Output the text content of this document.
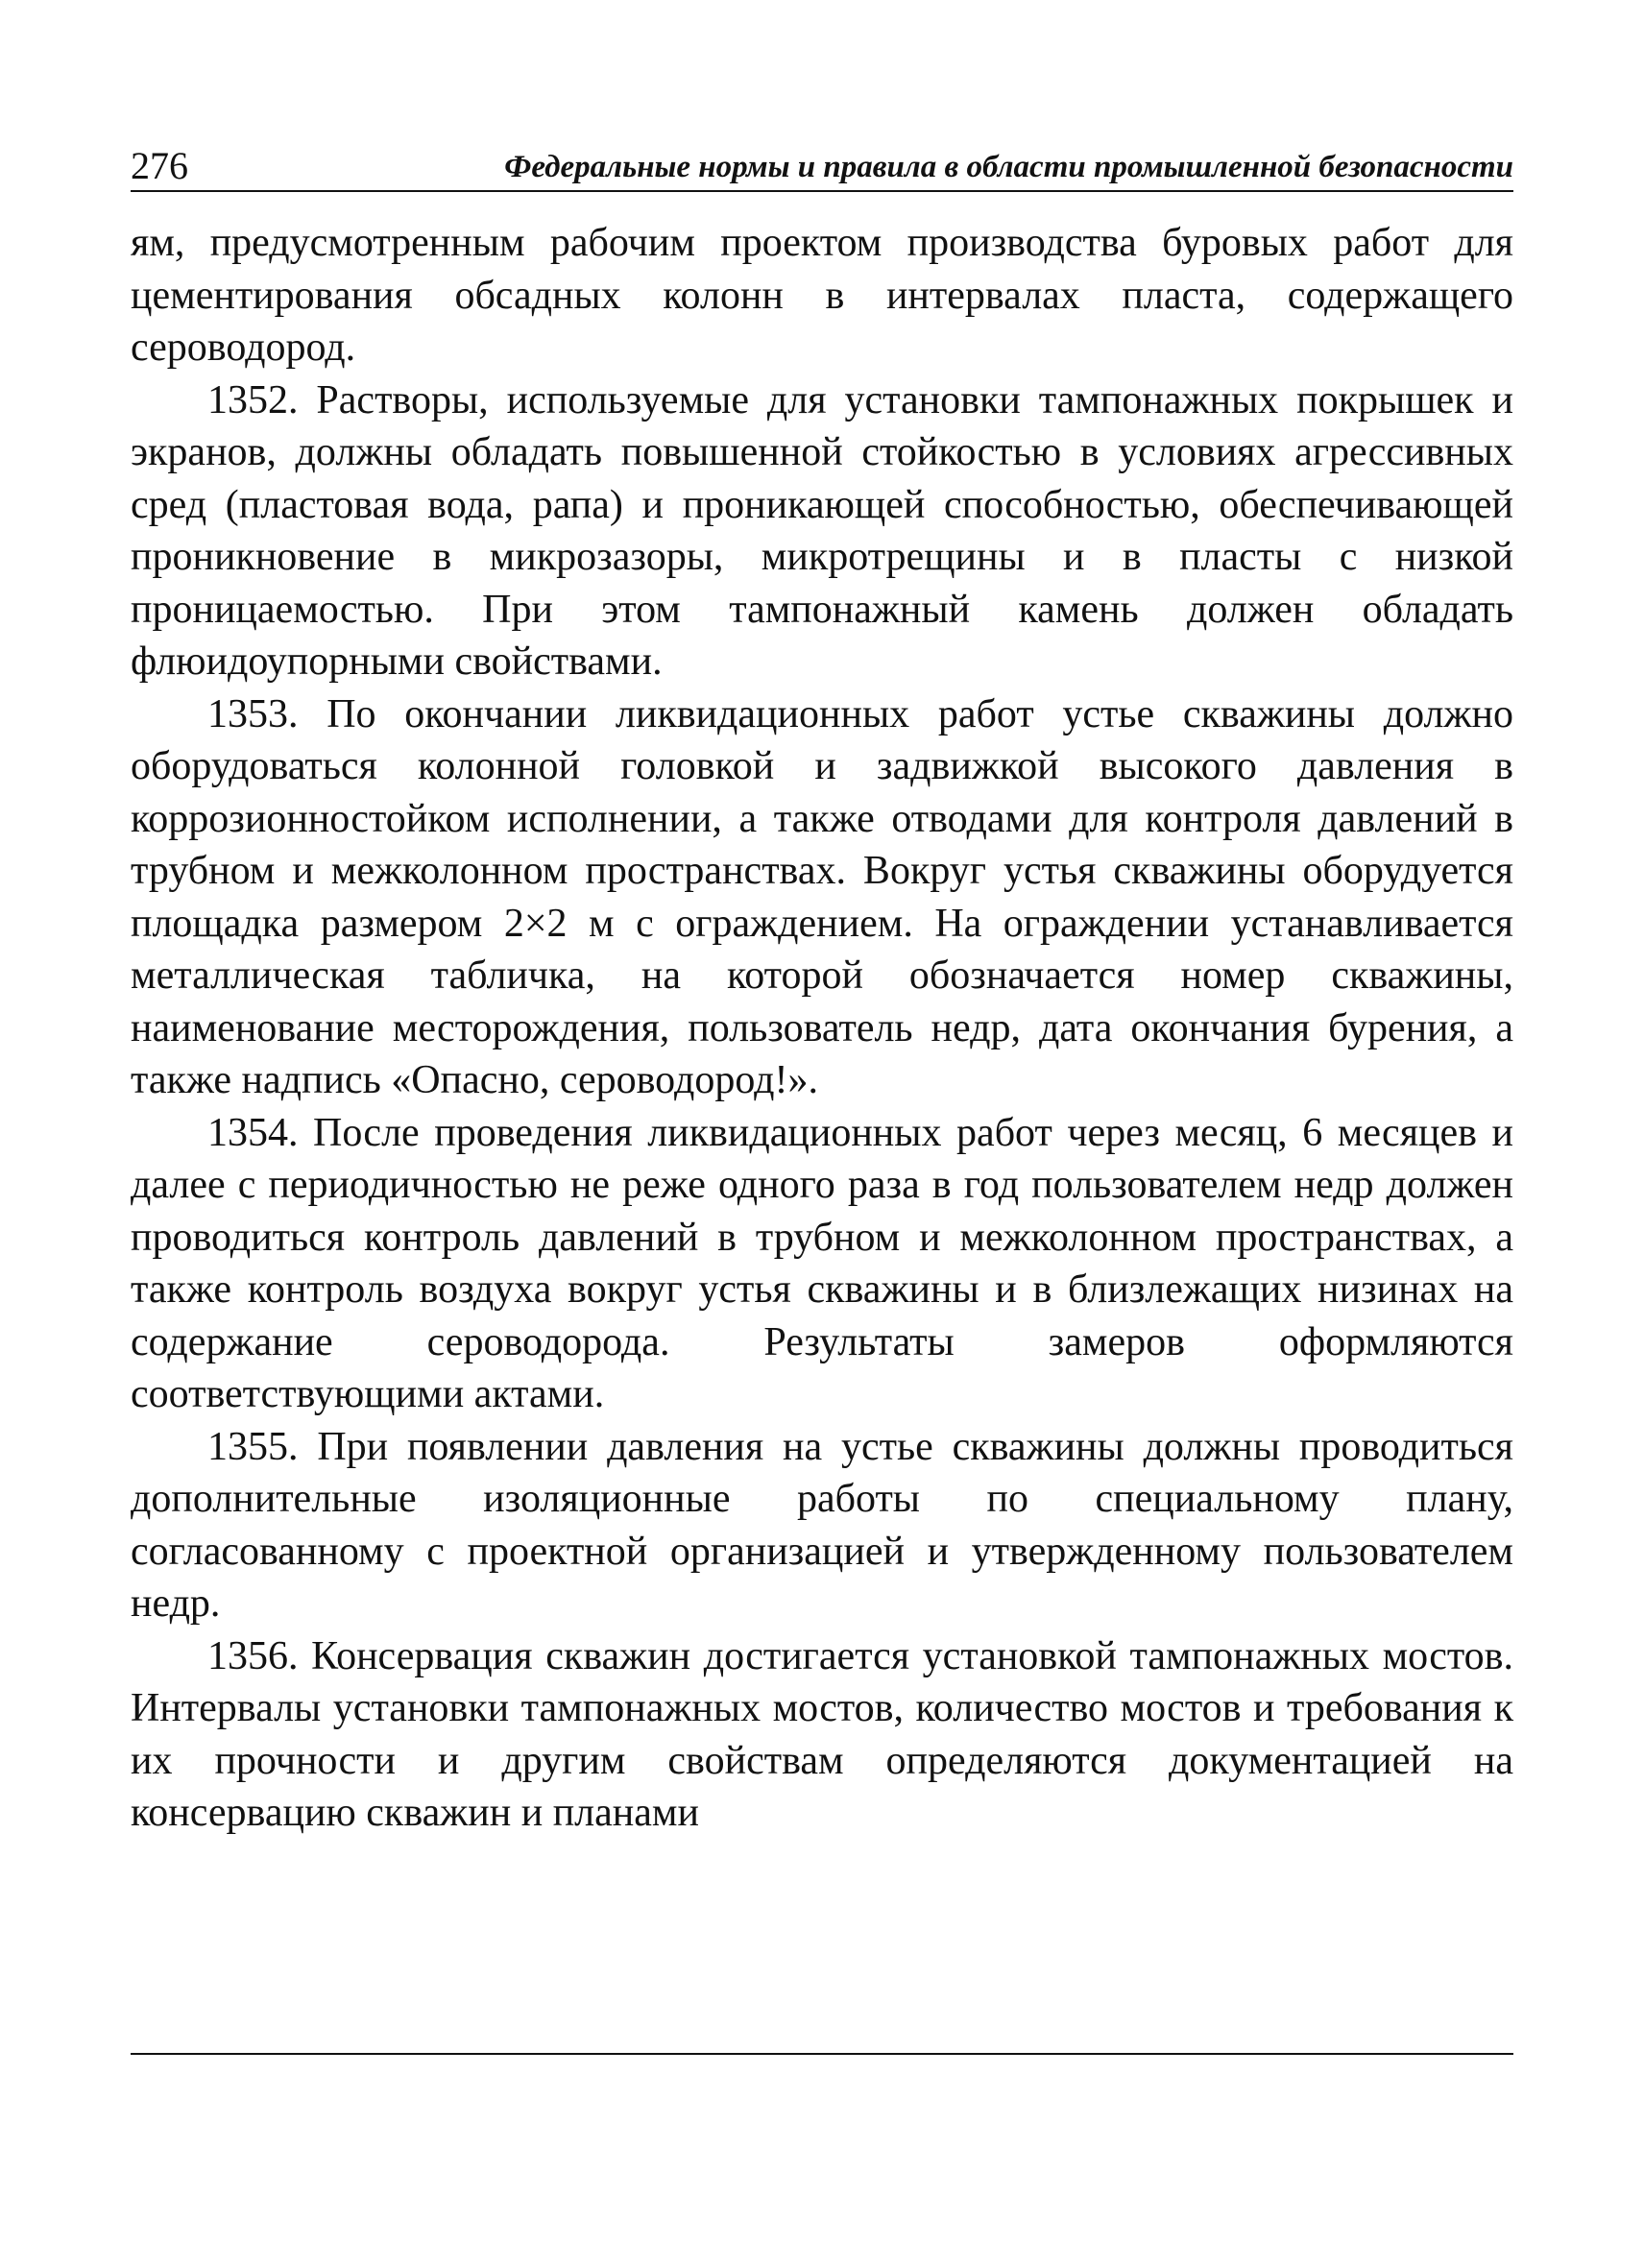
276	Федеральные нормы и правила в области промышленной безопасности

ям, предусмотренным рабочим проектом производства буровых работ для цементирования обсадных колонн в интервалах пласта, содержащего сероводород.

1352. Растворы, используемые для установки тампонажных покрышек и экранов, должны обладать повышенной стойкостью в условиях агрессивных сред (пластовая вода, рапа) и проникающей способностью, обеспечивающей проникновение в микрозазоры, микротрещины и в пласты с низкой проницаемостью. При этом тампонажный камень должен обладать флюидоупорными свойствами.

1353. По окончании ликвидационных работ устье скважины должно оборудоваться колонной головкой и задвижкой высокого давления в коррозионностойком исполнении, а также отводами для контроля давлений в трубном и межколонном пространствах. Вокруг устья скважины оборудуется площадка размером 2×2 м с ограждением. На ограждении устанавливается металлическая табличка, на которой обозначается номер скважины, наименование месторождения, пользователь недр, дата окончания бурения, а также надпись «Опасно, сероводород!».

1354. После проведения ликвидационных работ через месяц, 6 месяцев и далее с периодичностью не реже одного раза в год пользователем недр должен проводиться контроль давлений в трубном и межколонном пространствах, а также контроль воздуха вокруг устья скважины и в близлежащих низинах на содержание сероводорода. Результаты замеров оформляются соответствующими актами.

1355. При появлении давления на устье скважины должны проводиться дополнительные изоляционные работы по специальному плану, согласованному с проектной организацией и утвержденному пользователем недр.

1356. Консервация скважин достигается установкой тампонажных мостов. Интервалы установки тампонажных мостов, количество мостов и требования к их прочности и другим свойствам определяются документацией на консервацию скважин и планами
